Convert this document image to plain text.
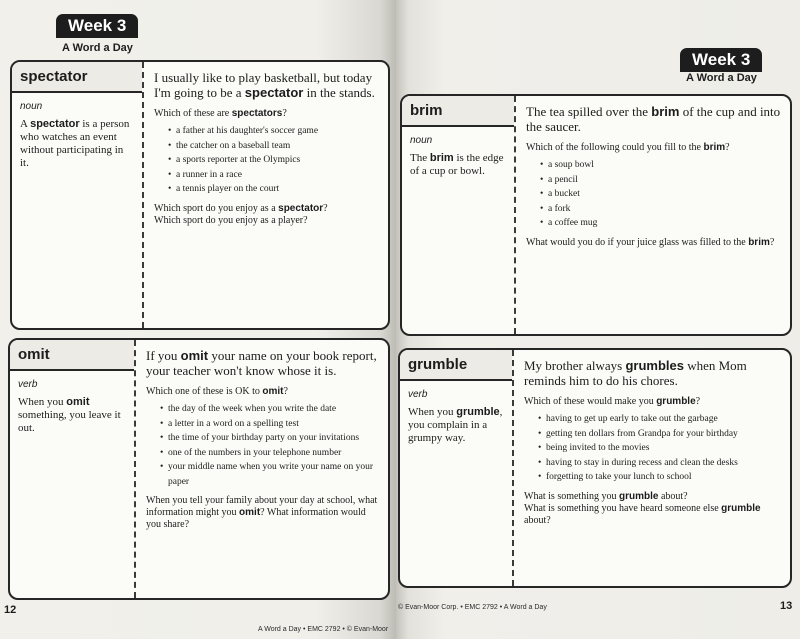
Week 3
A Word a Day
spectator
noun
A spectator is a person who watches an event without participating in it.
I usually like to play basketball, but today I'm going to be a spectator in the stands.
Which of these are spectators?
• a father at his daughter's soccer game
• the catcher on a baseball team
• a sports reporter at the Olympics
• a runner in a race
• a tennis player on the court
Which sport do you enjoy as a spectator?
Which sport do you enjoy as a player?
omit
verb
When you omit something, you leave it out.
If you omit your name on your book report, your teacher won't know whose it is.
Which one of these is OK to omit?
• the day of the week when you write the date
• a letter in a word on a spelling test
• the time of your birthday party on your invitations
• one of the numbers in your telephone number
• your middle name when you write your name on your paper
When you tell your family about your day at school, what information might you omit? What information would you share?
12
A Word a Day • EMC 2792 • © Evan-Moor
Week 3
A Word a Day
brim
noun
The brim is the edge of a cup or bowl.
The tea spilled over the brim of the cup and into the saucer.
Which of the following could you fill to the brim?
• a soup bowl
• a pencil
• a bucket
• a fork
• a coffee mug
What would you do if your juice glass was filled to the brim?
grumble
verb
When you grumble, you complain in a grumpy way.
My brother always grumbles when Mom reminds him to do his chores.
Which of these would make you grumble?
• having to get up early to take out the garbage
• getting ten dollars from Grandpa for your birthday
• being invited to the movies
• having to stay in during recess and clean the desks
• forgetting to take your lunch to school
What is something you grumble about?
What is something you have heard someone else grumble about?
© Evan-Moor Corp. • EMC 2792 • A Word a Day	13
